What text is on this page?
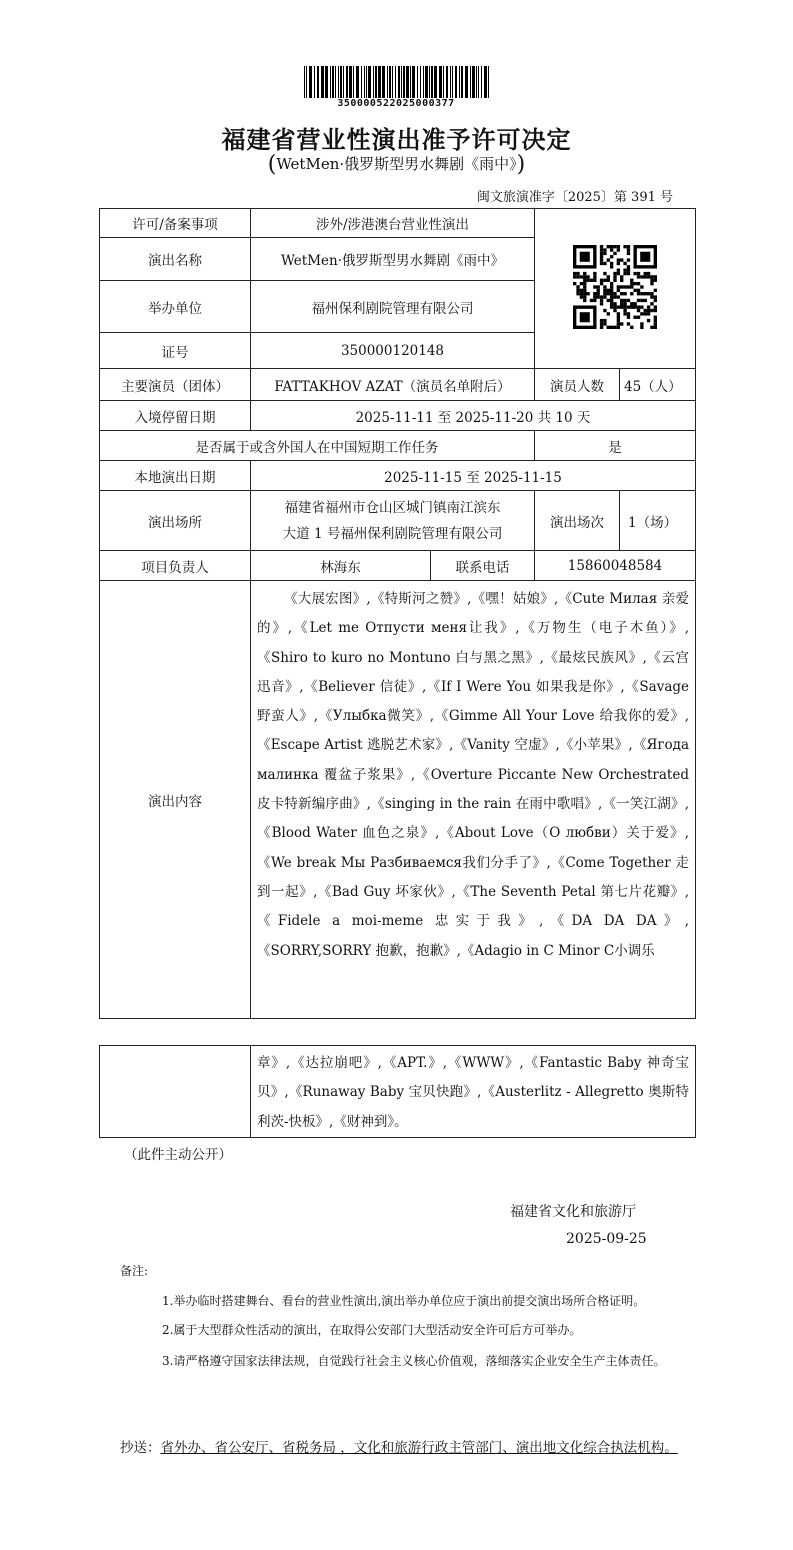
350000522025000377
福建省营业性演出准予许可决定
(WetMen·俄罗斯型男水舞剧《雨中》)
闽文旅演准字〔2025〕第 391 号
许可/备案事项	涉外/涉港澳台营业性演出	
演出名称	WetMen·俄罗斯型男水舞剧《雨中》			
举办单位	福州保利剧院管理有限公司			
证号	350000120148			
主要演员（团体）	FATTAKHOV AZAT（演员名单附后）		演员人数	45（人）
入境停留日期	2025-11-11 至 2025-11-20 共 10 天			
是否属于或含外国人在中国短期工作任务			是	
本地演出日期	2025-11-15 至 2025-11-15			
演出场所	福建省福州市仓山区城门镇南江滨东
大道 1 号福州保利剧院管理有限公司		演出场次	1（场）
项目负责人	林海东	联系电话	15860048584	
演出内容	《大展宏图》,《特斯河之赞》,《嘿！姑娘》,《Cute Милая 亲爱的》,《Let me Отпусти меня让我》,《万物生（电子木鱼）》,《Shiro to kuro no Montuno 白与黑之黑》,《最炫民族风》,《云宫迅音》,《Believer 信徒》,《If I Were You 如果我是你》,《Savage 野蛮人》,《Улыбка微笑》,《Gimme All Your Love 给我你的爱》,《Escape Artist 逃脱艺术家》,《Vanity 空虚》,《小苹果》,《Ягода малинка 覆盆子浆果》,《Overture Piccante New Orchestrated 皮卡特新编序曲》,《singing in the rain 在雨中歌唱》,《一笑江湖》,《Blood Water 血色之泉》,《About Love（О любви）关于爱》,《We break Мы Разбиваемся我们分手了》,《Come Together 走到一起》,《Bad Guy 坏家伙》,《The Seventh Petal 第七片花瓣》,《Fidele a moi-meme 忠实于我》,《DA DA DA》,《SORRY,SORRY 抱歉，抱歉》,《Adagio in C Minor C小调乐			

章》,《达拉崩吧》,《APT.》,《WWW》,《Fantastic Baby 神奇宝贝》,《Runaway Baby 宝贝快跑》,《Austerlitz - Allegretto 奥斯特利茨-快板》,《财神到》。
（此件主动公开）
福建省文化和旅游厅
2025-09-25
备注:
1.举办临时搭建舞台、看台的营业性演出,演出举办单位应于演出前提交演出场所合格证明。
2.属于大型群众性活动的演出，在取得公安部门大型活动安全许可后方可举办。
3.请严格遵守国家法律法规，自觉践行社会主义核心价值观，落细落实企业安全生产主体责任。
抄送：省外办、省公安厅、省税务局 ，文化和旅游行政主管部门、演出地文化综合执法机构。
